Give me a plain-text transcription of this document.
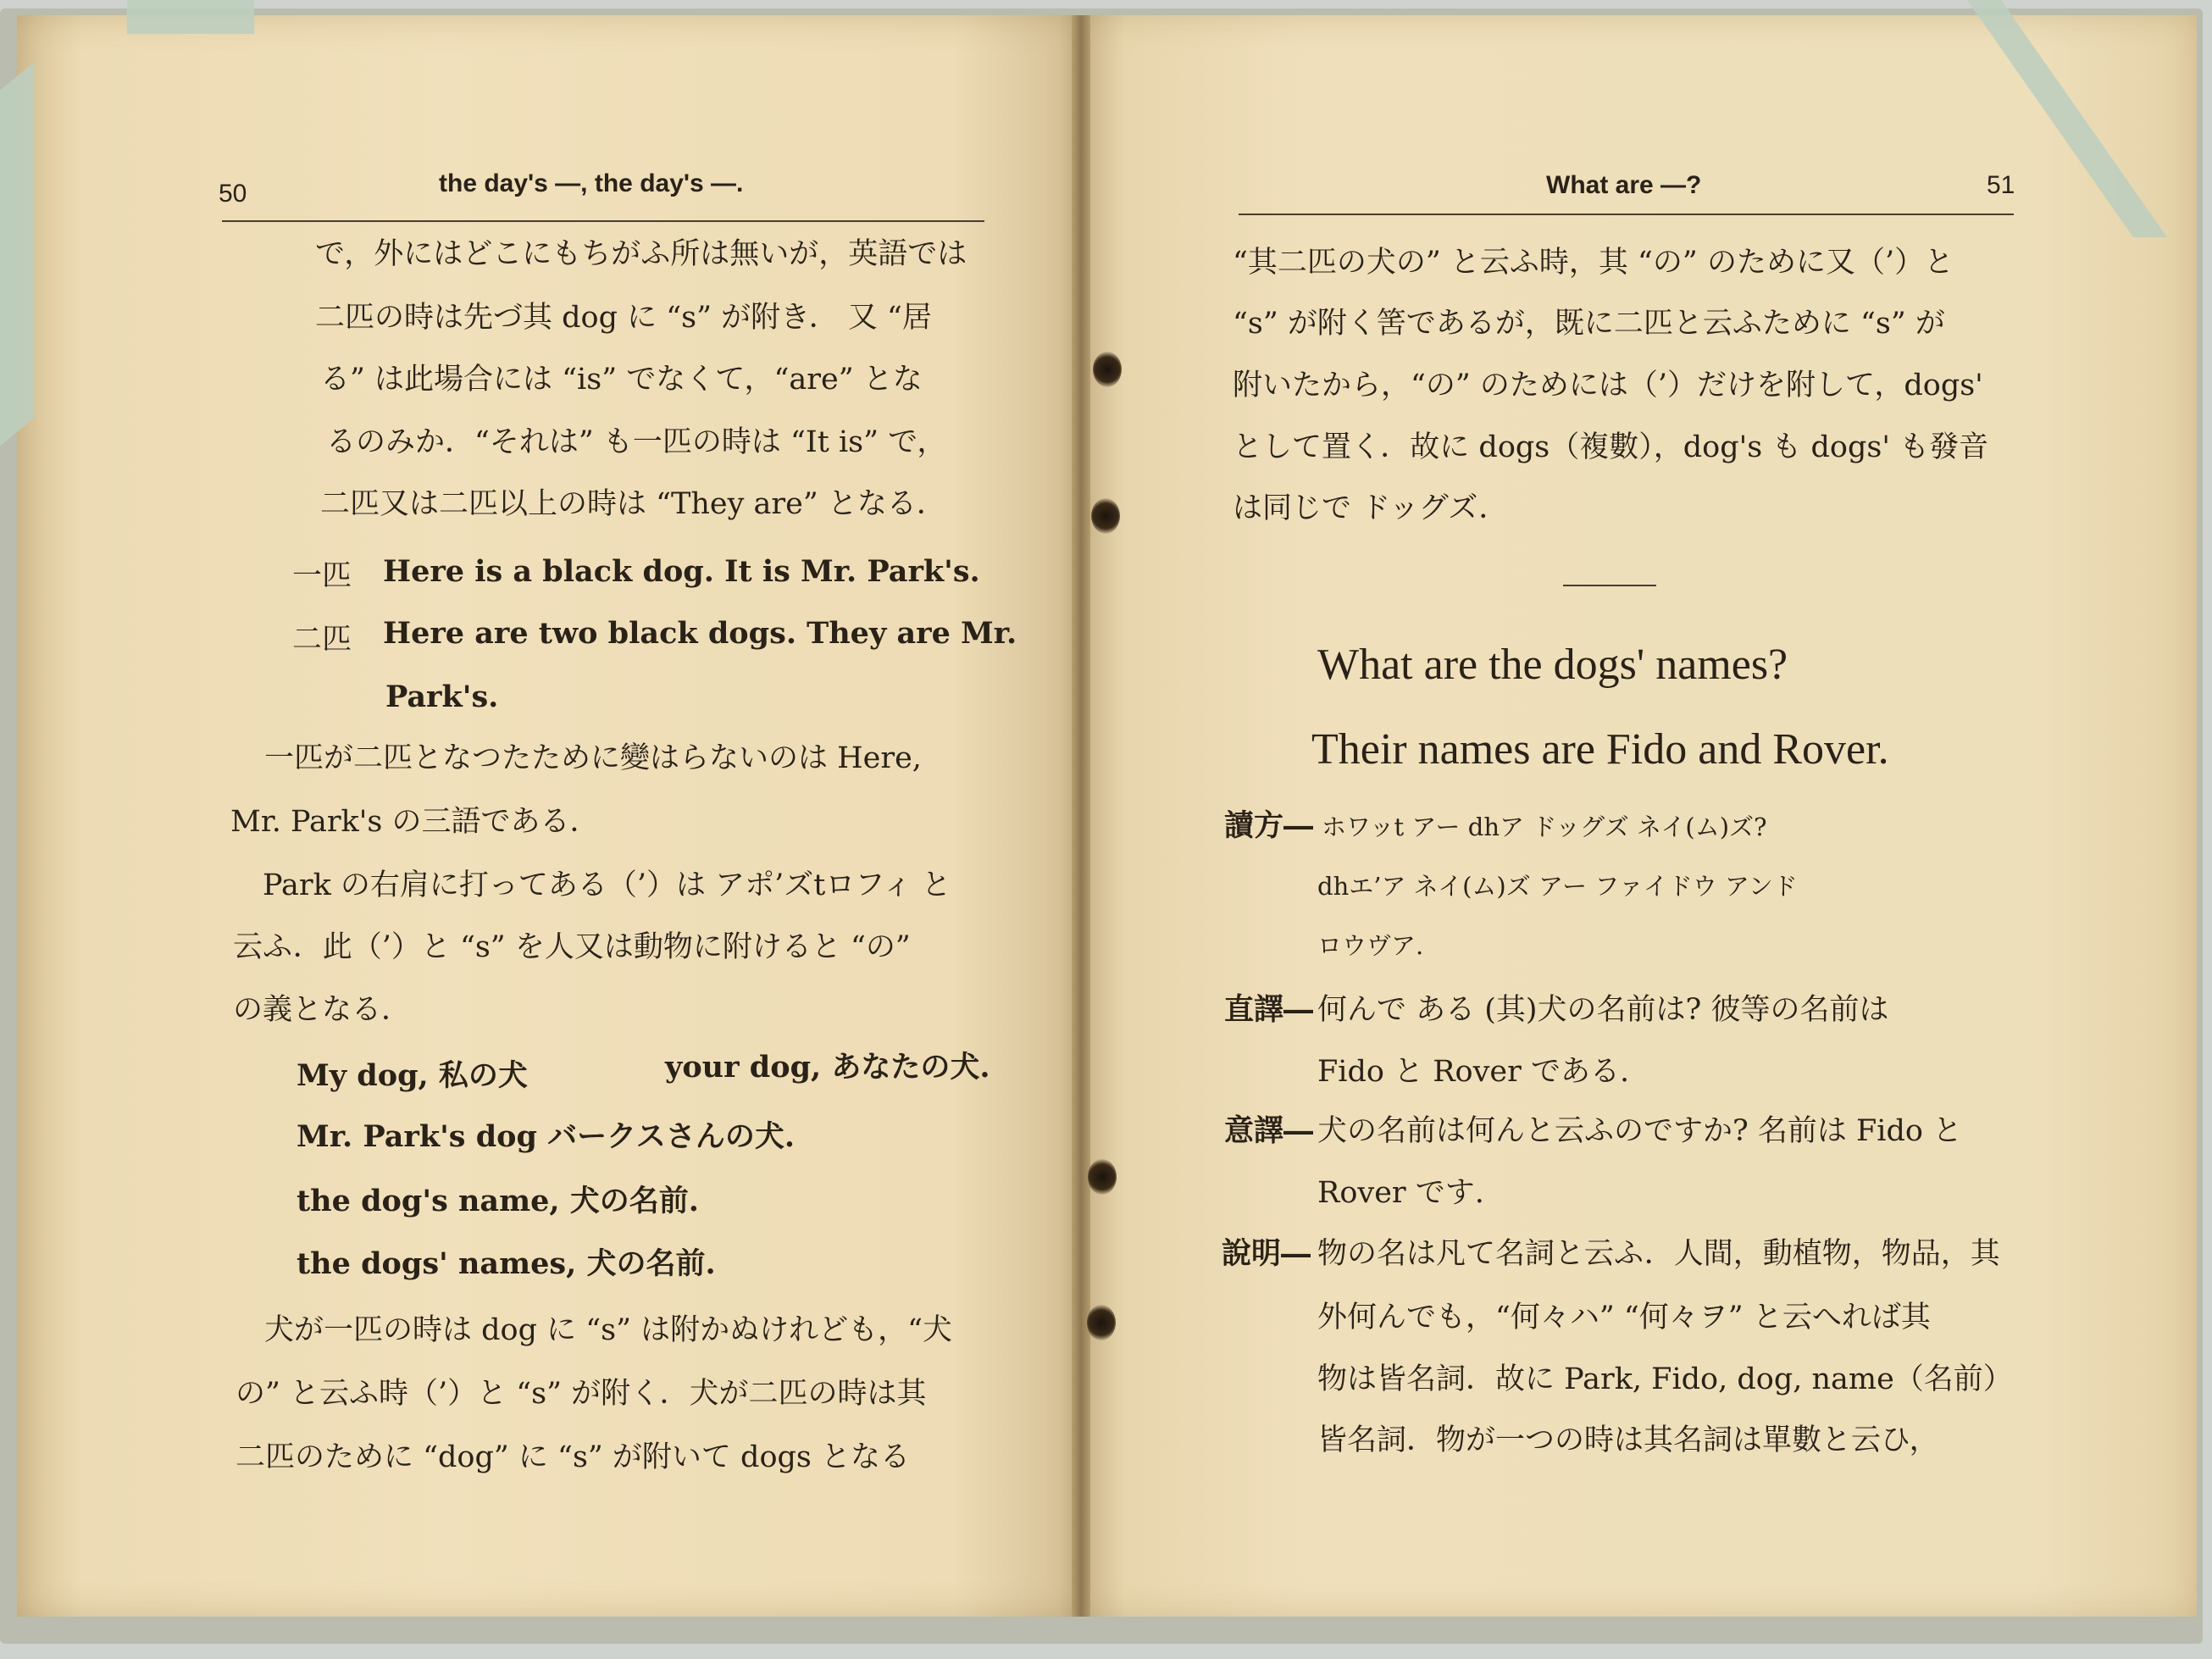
50	the day's ―, the day's ―.
で，外にはどこにもちがふ所は無いが，英語では
二匹の時は先づ其 dog に “s” が附き． 又 “居
る” は此場合には “is” でなくて，“are” とな
るのみか．“それは” も一匹の時は “It is” で，
二匹又は二匹以上の時は “They are” となる．
一匹 Here is a black dog. It is Mr. Park's.
二匹 Here are two black dogs. They are Mr.
Park's.
一匹が二匹となつたために變はらないのは Here,
Mr. Park's の三語である．
Park の右肩に打ってある（’）は アポ’ズtロフィ と
云ふ．此（’）と “s” を人又は動物に附けると “の”
の義となる．
My dog, 私の犬	your dog, あなたの犬.
Mr. Park's dog バークスさんの犬.
the dog's name, 犬の名前.
the dogs' names, 犬の名前.
犬が一匹の時は dog に “s” は附かぬけれども，“犬
の” と云ふ時（’）と “s” が附く．犬が二匹の時は其
二匹のために “dog” に “s” が附いて dogs となる
What are ―?	51
“其二匹の犬の” と云ふ時，其 “の” のために又（’）と
“s” が附く筈であるが，既に二匹と云ふために “s” が
附いたから，“の” のためには（’）だけを附して，dogs'
として置く．故に dogs（複數），dog's も dogs' も發音
は同じで ドッグズ．
What are the dogs' names?
Their names are Fido and Rover.
讀方― ホワッt アー dhア ドッグズ ネイ(ム)ズ?
dhエ’ア ネイ(ム)ズ アー ファイドウ アンド
ロウヴア.
直譯― 何んで ある (其)犬の名前は? 彼等の名前は
Fido と Rover である.
意譯― 犬の名前は何んと云ふのですか? 名前は Fido と
Rover です.
說明― 物の名は凡て名詞と云ふ．人間，動植物，物品，其
外何んでも，“何々ハ” “何々ヲ” と云へれば其
物は皆名詞．故に Park, Fido, dog, name（名前）
皆名詞．物が一つの時は其名詞は單數と云ひ，
